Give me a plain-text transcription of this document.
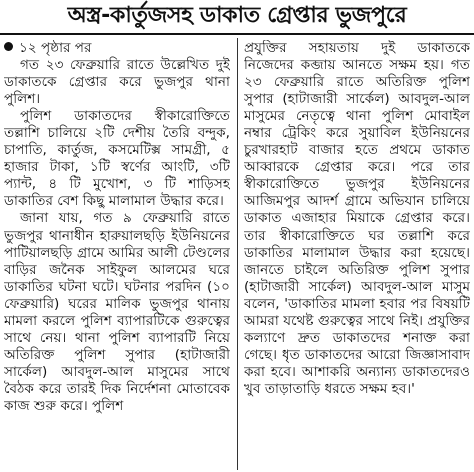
অস্ত্র-কার্তুজসহ ডাকাত গ্রেপ্তার ভুজপুরে

১২ পৃষ্ঠার পর

গত ২৩ ফেব্রুয়ারি রাতে উল্লেখিত দুই ডাকাতকে গ্রেপ্তার করে ভুজপুর থানা পুলিশ।

পুলিশ ডাকাতদের স্বীকারোক্তিতে তল্লাশি চালিয়ে ২টি দেশীয় তৈরি বন্দুক, চাপাতি, কার্তুজ, কসমেটিক্স সামগ্রী, ৫ হাজার টাকা, ১টি স্বর্ণের আংটি, ৩টি প্যান্ট, ৪ টি মুখোশ, ৩ টি শাড়িসহ ডাকাতির বেশ কিছু মালামাল উদ্ধার করে।

জানা যায়, গত ৯ ফেব্রুয়ারি রাতে ভুজপুর থানাধীন হারুয়ালছড়ি ইউনিয়নের পাটিয়ালছড়ি গ্রামে আমির আলী টেণ্ডলের বাড়ির জনৈক সাইফুল আলমের ঘরে ডাকাতির ঘটনা ঘটে। ঘটনার পরদিন (১০ ফেব্রুয়ারি) ঘরের মালিক ভুজপুর থানায় মামলা করলে পুলিশ ব্যাপারটিকে গুরুত্বের সাথে নেয়। থানা পুলিশ ব্যাপারটি নিয়ে অতিরিক্ত পুলিশ সুপার (হাটাজারী সার্কেল) আবদুল-আল মাসুমের সাথে বৈঠক করে তারই দিক নির্দেশনা মোতাবেক কাজ শুরু করে। পুলিশ

প্রযুক্তির সহায়তায় দুই ডাকাতকে নিজেদের কব্জায় আনতে সক্ষম হয়। গত ২৩ ফেব্রুয়ারি রাতে অতিরিক্ত পুলিশ সুপার (হাটাজারী সার্কেল) আবদুল-আল মাসুমের নেতৃত্বে থানা পুলিশ মোবাইল নম্বার ট্রেকিং করে সুয়াবিল ইউনিয়নের চুরখারহাট বাজার হতে প্রথমে ডাকাত আব্বারকে গ্রেপ্তার করে। পরে তার স্বীকারোক্তিতে ভুজপুর ইউনিয়নের আজিমপুর আদর্শ গ্রামে অভিযান চালিয়ে ডাকাত এজাহার মিয়াকে গ্রেপ্তার করে। তার স্বীকারোক্তিতে ঘর তল্লাশি করে ডাকাতির মালামাল উদ্ধার করা হয়েছে। জানতে চাইলে অতিরিক্ত পুলিশ সুপার (হাটাজারী সার্কেল) আবদুল-আল মাসুম বলেন, 'ডাকাতির মামলা হবার পর বিষয়টি আমরা যথেষ্ট গুরুত্বের সাথে নিই। প্রযুক্তির কল্যাণে দ্রুত ডাকাতদের শনাক্ত করা গেছে। ধৃত ডাকাতদের আরো জিজ্ঞাসাবাদ করা হবে। আশাকরি অন্যান্য ডাকাতদেরও খুব তাড়াতাড়ি ধরতে সক্ষম হব।'
